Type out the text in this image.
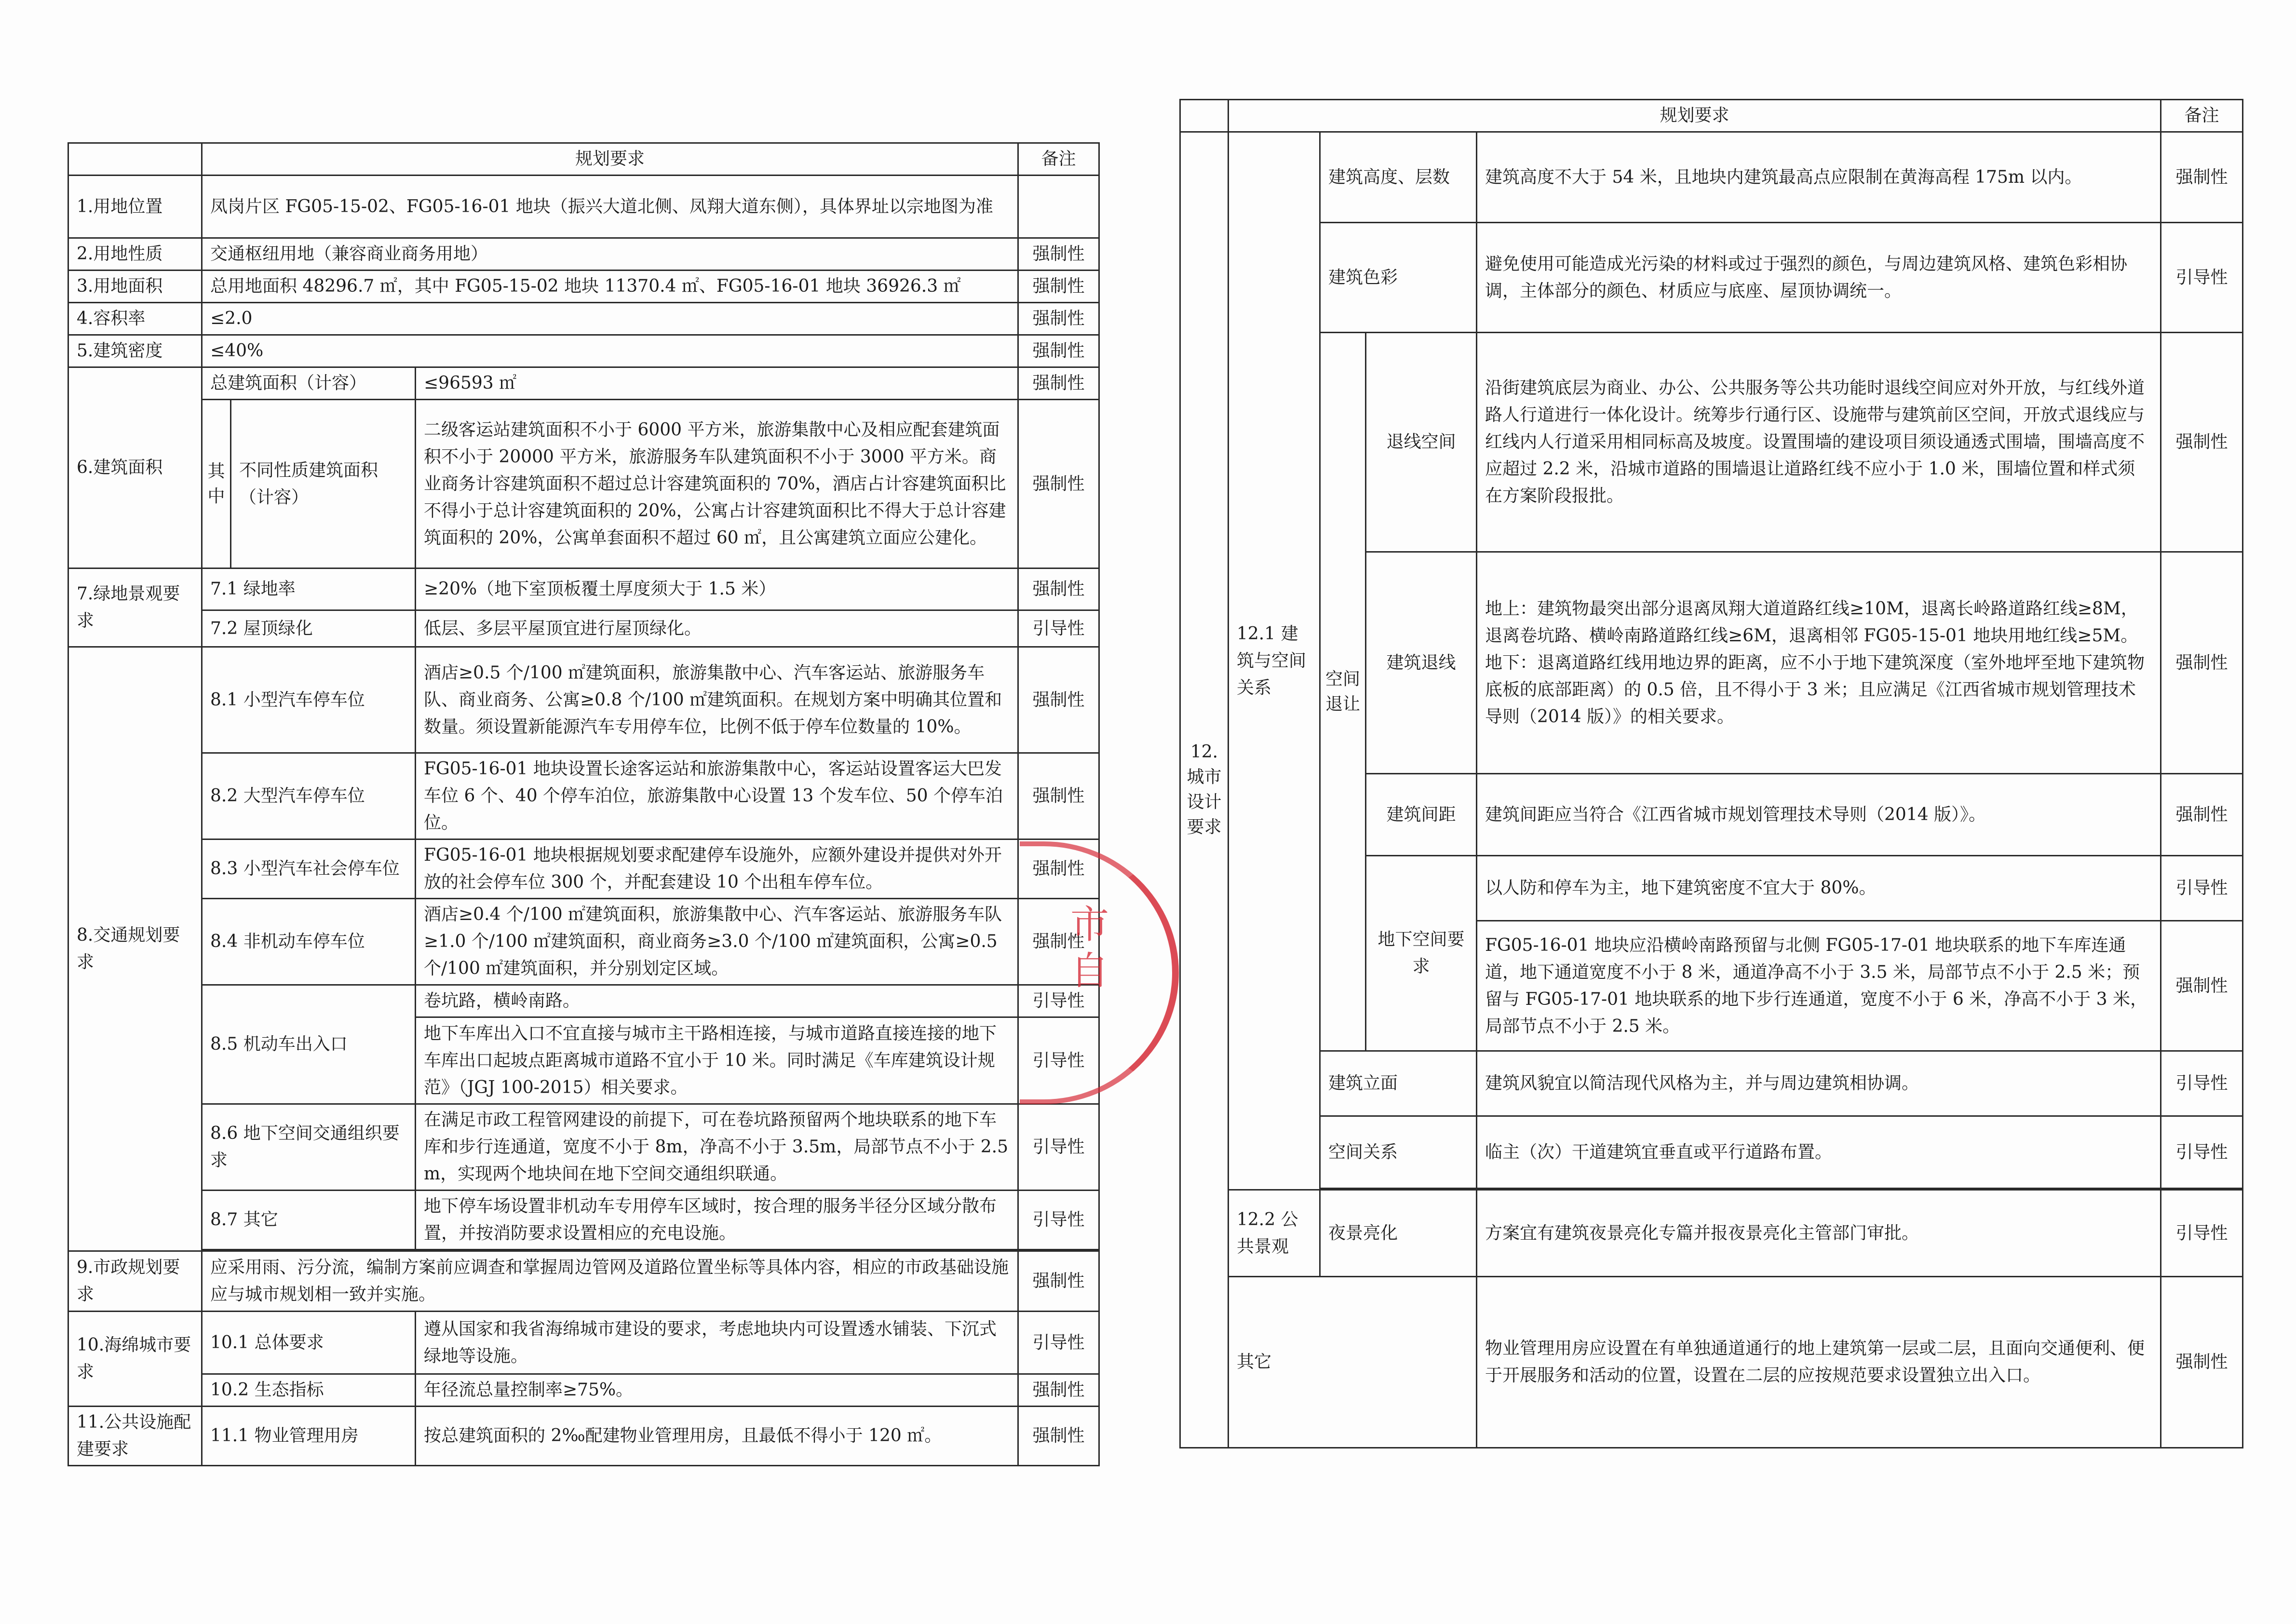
	规划要求			备注
1.用地位置	凤岗片区 FG05-15-02、FG05-16-01 地块（振兴大道北侧、凤翔大道东侧），具体界址以宗地图为准			
2.用地性质	交通枢纽用地（兼容商业商务用地）			强制性
3.用地面积	总用地面积 48296.7 ㎡，其中 FG05-15-02 地块 11370.4 ㎡、FG05-16-01 地块 36926.3 ㎡			强制性
4.容积率	≤2.0			强制性
5.建筑密度	≤40%			强制性
6.建筑面积	总建筑面积（计容）		≤96593 ㎡	强制性
	其中	不同性质建筑面积（计容）	二级客运站建筑面积不小于 6000 平方米，旅游集散中心及相应配套建筑面积不小于 20000 平方米，旅游服务车队建筑面积不小于 3000 平方米。商业商务计容建筑面积不超过总计容建筑面积的 70%，酒店占计容建筑面积比不得小于总计容建筑面积的 20%，公寓占计容建筑面积比不得大于总计容建筑面积的 20%，公寓单套面积不超过 60 ㎡，且公寓建筑立面应公建化。	强制性
7.绿地景观要求	7.1 绿地率		≥20%（地下室顶板覆土厚度须大于 1.5 米）	强制性
	7.2 屋顶绿化		低层、多层平屋顶宜进行屋顶绿化。	引导性
8.交通规划要求	8.1 小型汽车停车位		酒店≥0.5 个/100 ㎡建筑面积，旅游集散中心、汽车客运站、旅游服务车队、商业商务、公寓≥0.8 个/100 ㎡建筑面积。在规划方案中明确其位置和数量。须设置新能源汽车专用停车位，比例不低于停车位数量的 10%。	强制性
	8.2 大型汽车停车位		FG05-16-01 地块设置长途客运站和旅游集散中心，客运站设置客运大巴发车位 6 个、40 个停车泊位，旅游集散中心设置 13 个发车位、50 个停车泊位。	强制性
	8.3 小型汽车社会停车位		FG05-16-01 地块根据规划要求配建停车设施外，应额外建设并提供对外开放的社会停车位 300 个，并配套建设 10 个出租车停车位。	强制性
	8.4 非机动车停车位		酒店≥0.4 个/100 ㎡建筑面积，旅游集散中心、汽车客运站、旅游服务车队≥1.0 个/100 ㎡建筑面积，商业商务≥3.0 个/100 ㎡建筑面积，公寓≥0.5 个/100 ㎡建筑面积，并分别划定区域。	强制性
	8.5 机动车出入口		卷坑路，横岭南路。	引导性
			地下车库出入口不宜直接与城市主干路相连接，与城市道路直接连接的地下车库出口起坡点距离城市道路不宜小于 10 米。同时满足《车库建筑设计规范》（JGJ 100-2015）相关要求。	引导性
	8.6 地下空间交通组织要求		在满足市政工程管网建设的前提下，可在卷坑路预留两个地块联系的地下车库和步行连通道，宽度不小于 8m，净高不小于 3.5m，局部节点不小于 2.5m，实现两个地块间在地下空间交通组织联通。	引导性
	8.7 其它		地下停车场设置非机动车专用停车区域时，按合理的服务半径分区域分散布置，并按消防要求设置相应的充电设施。	引导性

9.市政规划要求	应采用雨、污分流，编制方案前应调查和掌握周边管网及道路位置坐标等具体内容，相应的市政基础设施应与城市规划相一致并实施。			强制性
10.海绵城市要求	10.1 总体要求		遵从国家和我省海绵城市建设的要求，考虑地块内可设置透水铺装、下沉式绿地等设施。	引导性
	10.2 生态指标		年径流总量控制率≥75%。	强制性
11.公共设施配建要求	11.1 物业管理用房		按总建筑面积的 2‰配建物业管理用房，且最低不得小于 120 ㎡。	强制性
	规划要求				备注
12.城市设计要求	12.1 建筑与空间关系	建筑高度、层数		建筑高度不大于 54 米，且地块内建筑最高点应限制在黄海高程 175m 以内。	强制性
		建筑色彩		避免使用可能造成光污染的材料或过于强烈的颜色，与周边建筑风格、建筑色彩相协调，主体部分的颜色、材质应与底座、屋顶协调统一。	引导性
		空间退让	退线空间	沿街建筑底层为商业、办公、公共服务等公共功能时退线空间应对外开放，与红线外道路人行道进行一体化设计。统筹步行通行区、设施带与建筑前区空间，开放式退线应与红线内人行道采用相同标高及坡度。设置围墙的建设项目须设通透式围墙，围墙高度不应超过 2.2 米，沿城市道路的围墙退让道路红线不应小于 1.0 米，围墙位置和样式须在方案阶段报批。	强制性
			建筑退线	地上：建筑物最突出部分退离凤翔大道道路红线≥10M，退离长岭路道路红线≥8M，退离卷坑路、横岭南路道路红线≥6M，退离相邻 FG05-15-01 地块用地红线≥5M。
地下：退离道路红线用地边界的距离，应不小于地下建筑深度（室外地坪至地下建筑物底板的底部距离）的 0.5 倍，且不得小于 3 米；且应满足《江西省城市规划管理技术导则（2014 版）》的相关要求。	强制性
			建筑间距	建筑间距应当符合《江西省城市规划管理技术导则（2014 版）》。	强制性
			地下空间要求	以人防和停车为主，地下建筑密度不宜大于 80%。	引导性
				FG05-16-01 地块应沿横岭南路预留与北侧 FG05-17-01 地块联系的地下车库连通道，地下通道宽度不小于 8 米，通道净高不小于 3.5 米，局部节点不小于 2.5 米；预留与 FG05-17-01 地块联系的地下步行连通道，宽度不小于 6 米，净高不小于 3 米，局部节点不小于 2.5 米。	强制性
		建筑立面		建筑风貌宜以简洁现代风格为主，并与周边建筑相协调。	引导性
		空间关系		临主（次）干道建筑宜垂直或平行道路布置。	引导性

	12.2 公共景观	夜景亮化		方案宜有建筑夜景亮化专篇并报夜景亮化主管部门审批。	引导性
	其它			物业管理用房应设置在有单独通道通行的地上建筑第一层或二层，且面向交通便利、便于开展服务和活动的位置，设置在二层的应按规范要求设置独立出入口。	强制性
市 自
